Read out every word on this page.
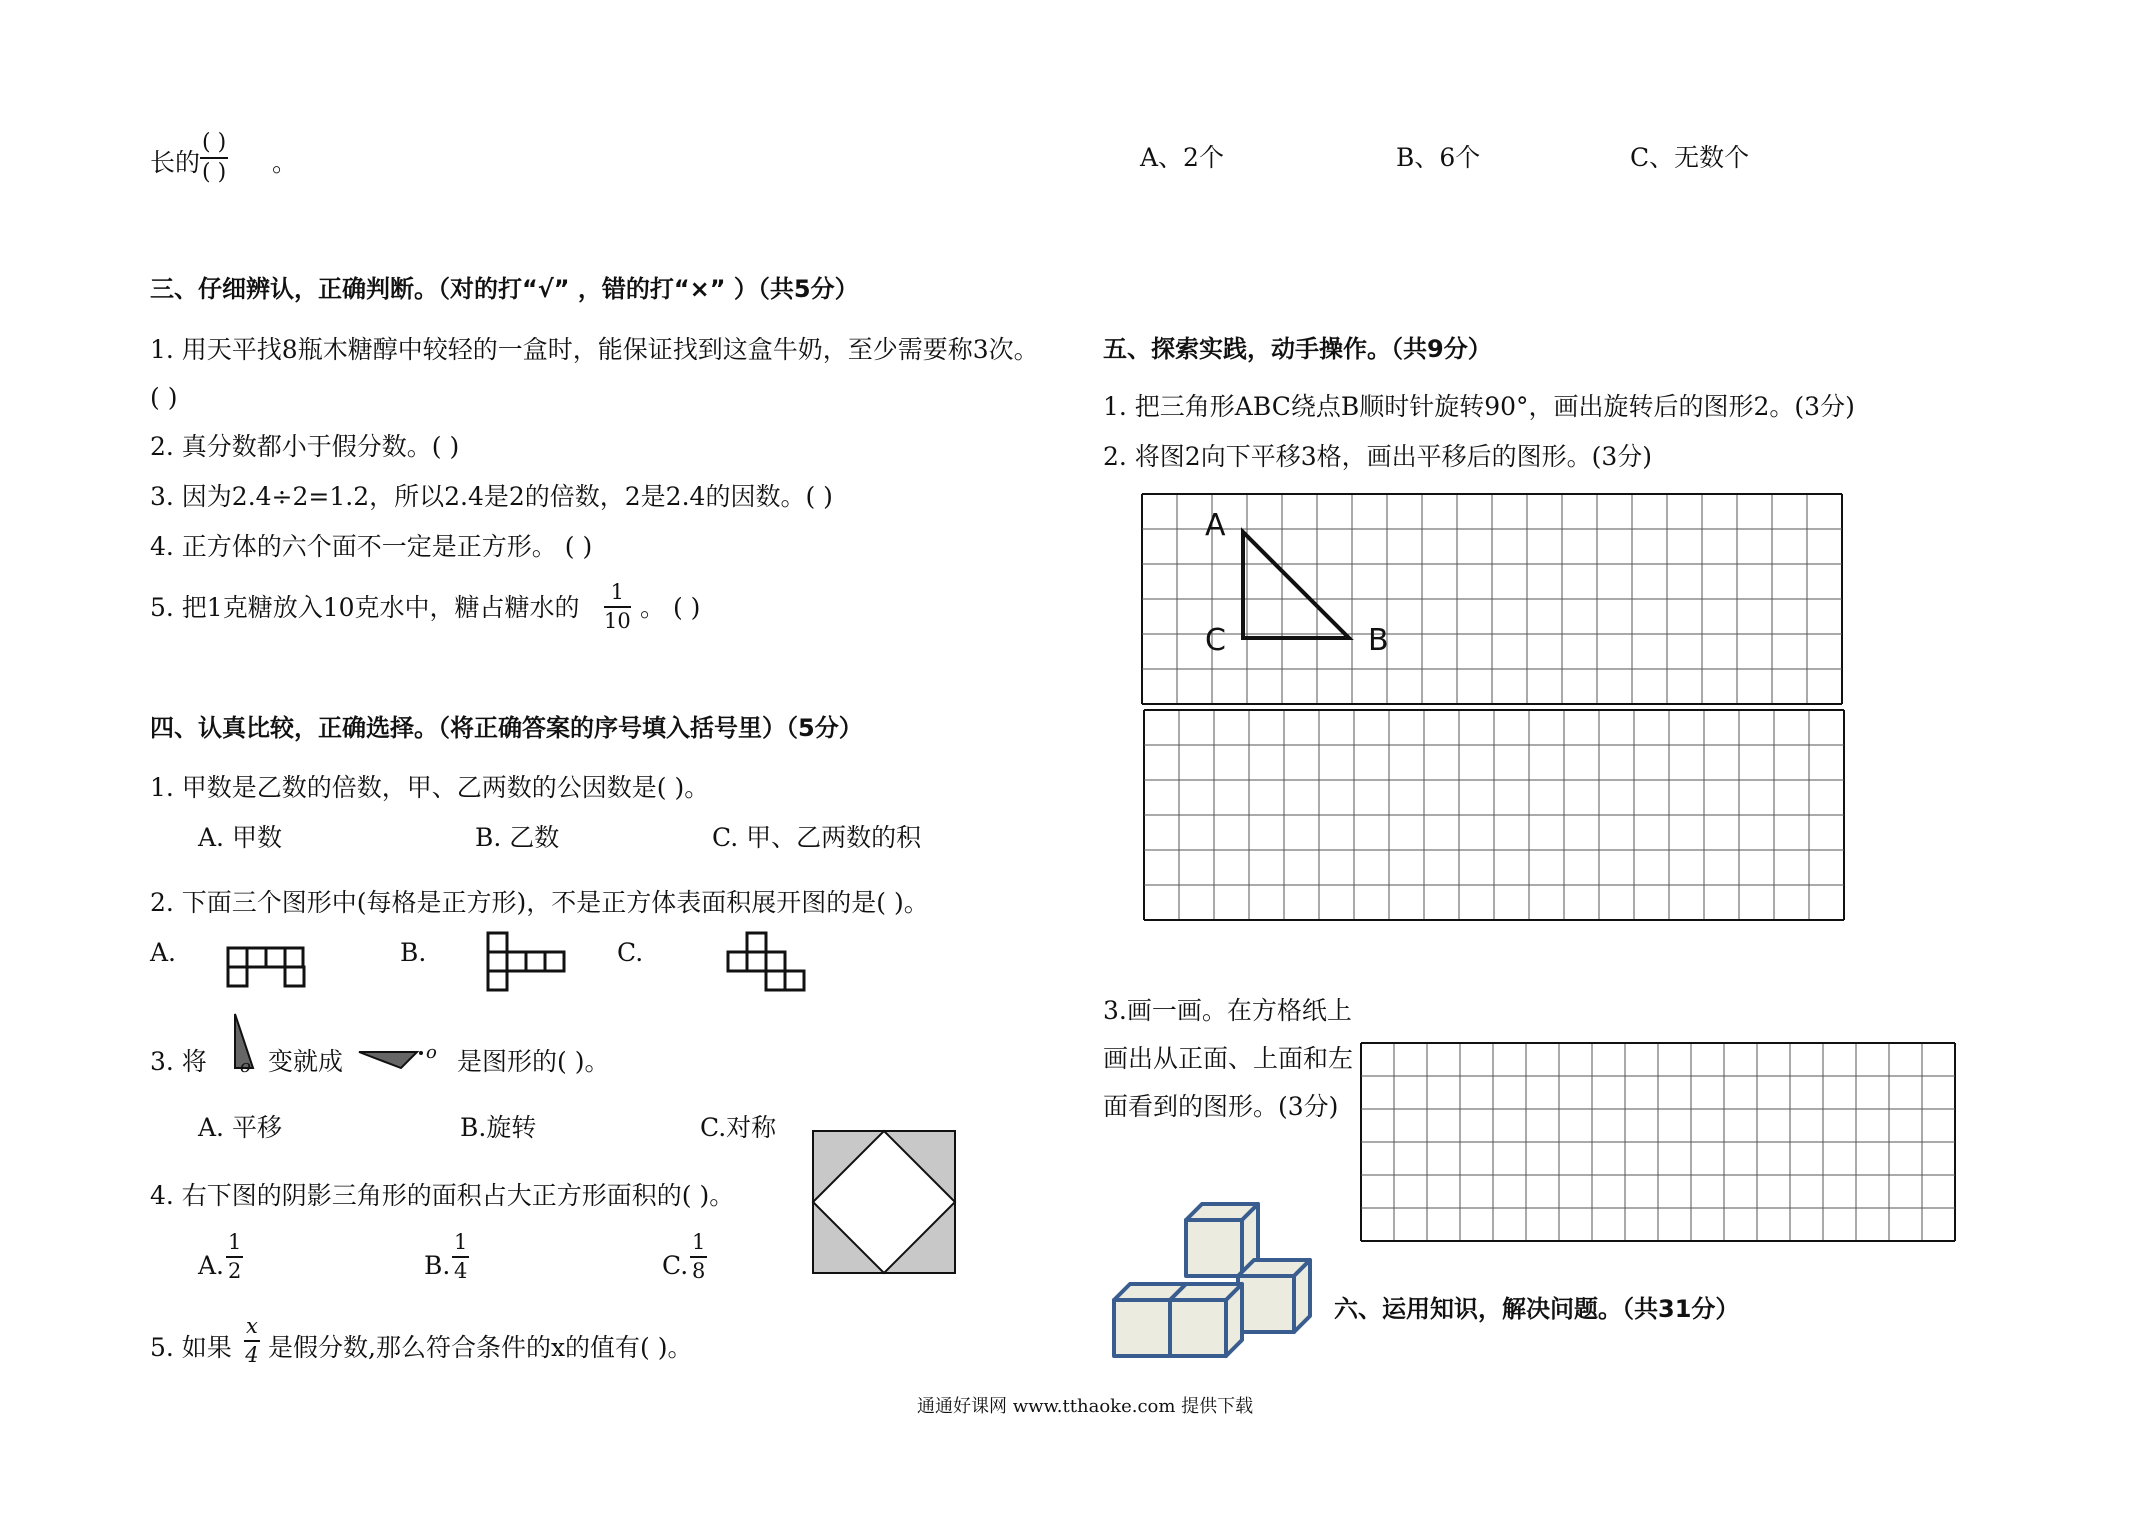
长的
( )
( ) 。
三、仔细辨认，正确判断。（对的打“√” ，错的打“×” ）（共5分）
1. 用天平找8瓶木糖醇中较轻的一盒时，能保证找到这盒牛奶，至少需要称3次。
( )
2. 真分数都小于假分数。( )
3. 因为2.4÷2=1.2，所以2.4是2的倍数，2是2.4的因数。( )
4. 正方体的六个面不一定是正方形。 ( )
5. 把1克糖放入10克水中，糖占糖水的 $\frac{1}{10}$ 。 ( )
四、认真比较，正确选择。（将正确答案的序号填入括号里）（5分）
1. 甲数是乙数的倍数，甲、乙两数的公因数是( )。
A. 甲数	B. 乙数	C. 甲、乙两数的积
2. 下面三个图形中(每格是正方形)，不是正方体表面积展开图的是( )。
A.	B.	C.
3. 将 o 变就成	o 是图形的( )。
A. 平移	B.旋转	C.对称
4. 右下图的阴影三角形的面积占大正方形面积的( )。
A. $\frac{1}{2}$	B. $\frac{1}{4}$	C. $\frac{1}{8}$
5. 如果 $\frac{x}{4}$ 是假分数,那么符合条件的x的值有( )。
A、2个	B、6个	C、无数个
五、探索实践，动手操作。（共9分）
1. 把三角形ABC绕点B顺时针旋转90°，画出旋转后的图形2。(3分)
2. 将图2向下平移3格，画出平移后的图形。(3分)
A
C	B
3.画一画。在方格纸上
画出从正面、上面和左
面看到的图形。(3分)
六、运用知识，解决问题。（共31分）
通通好课网 www.tthaoke.com 提供下载
